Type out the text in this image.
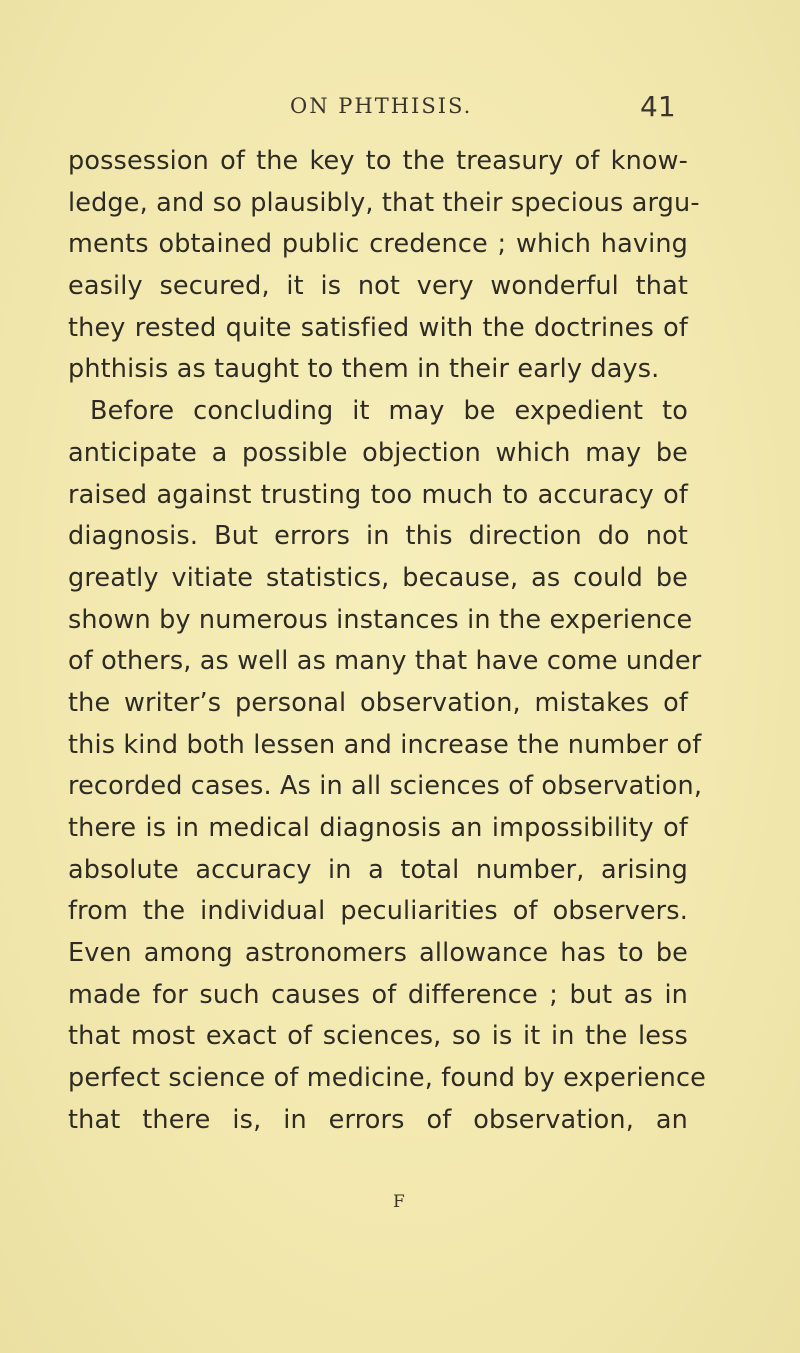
ON PHTHISIS.	41
possession of the key to the treasury of know-
ledge, and so plausibly, that their specious argu-
ments obtained public credence ; which having
easily secured, it is not very wonderful that
they rested quite satisfied with the doctrines of
phthisis as taught to them in their early days.
Before concluding it may be expedient to
anticipate a possible objection which may be
raised against trusting too much to accuracy of
diagnosis. But errors in this direction do not
greatly vitiate statistics, because, as could be
shown by numerous instances in the experience
of others, as well as many that have come under
the writer’s personal observation, mistakes of
this kind both lessen and increase the number of
recorded cases. As in all sciences of observation,
there is in medical diagnosis an impossibility of
absolute accuracy in a total number, arising
from the individual peculiarities of observers.
Even among astronomers allowance has to be
made for such causes of difference ; but as in
that most exact of sciences, so is it in the less
perfect science of medicine, found by experience
that there is, in errors of observation, an
F
